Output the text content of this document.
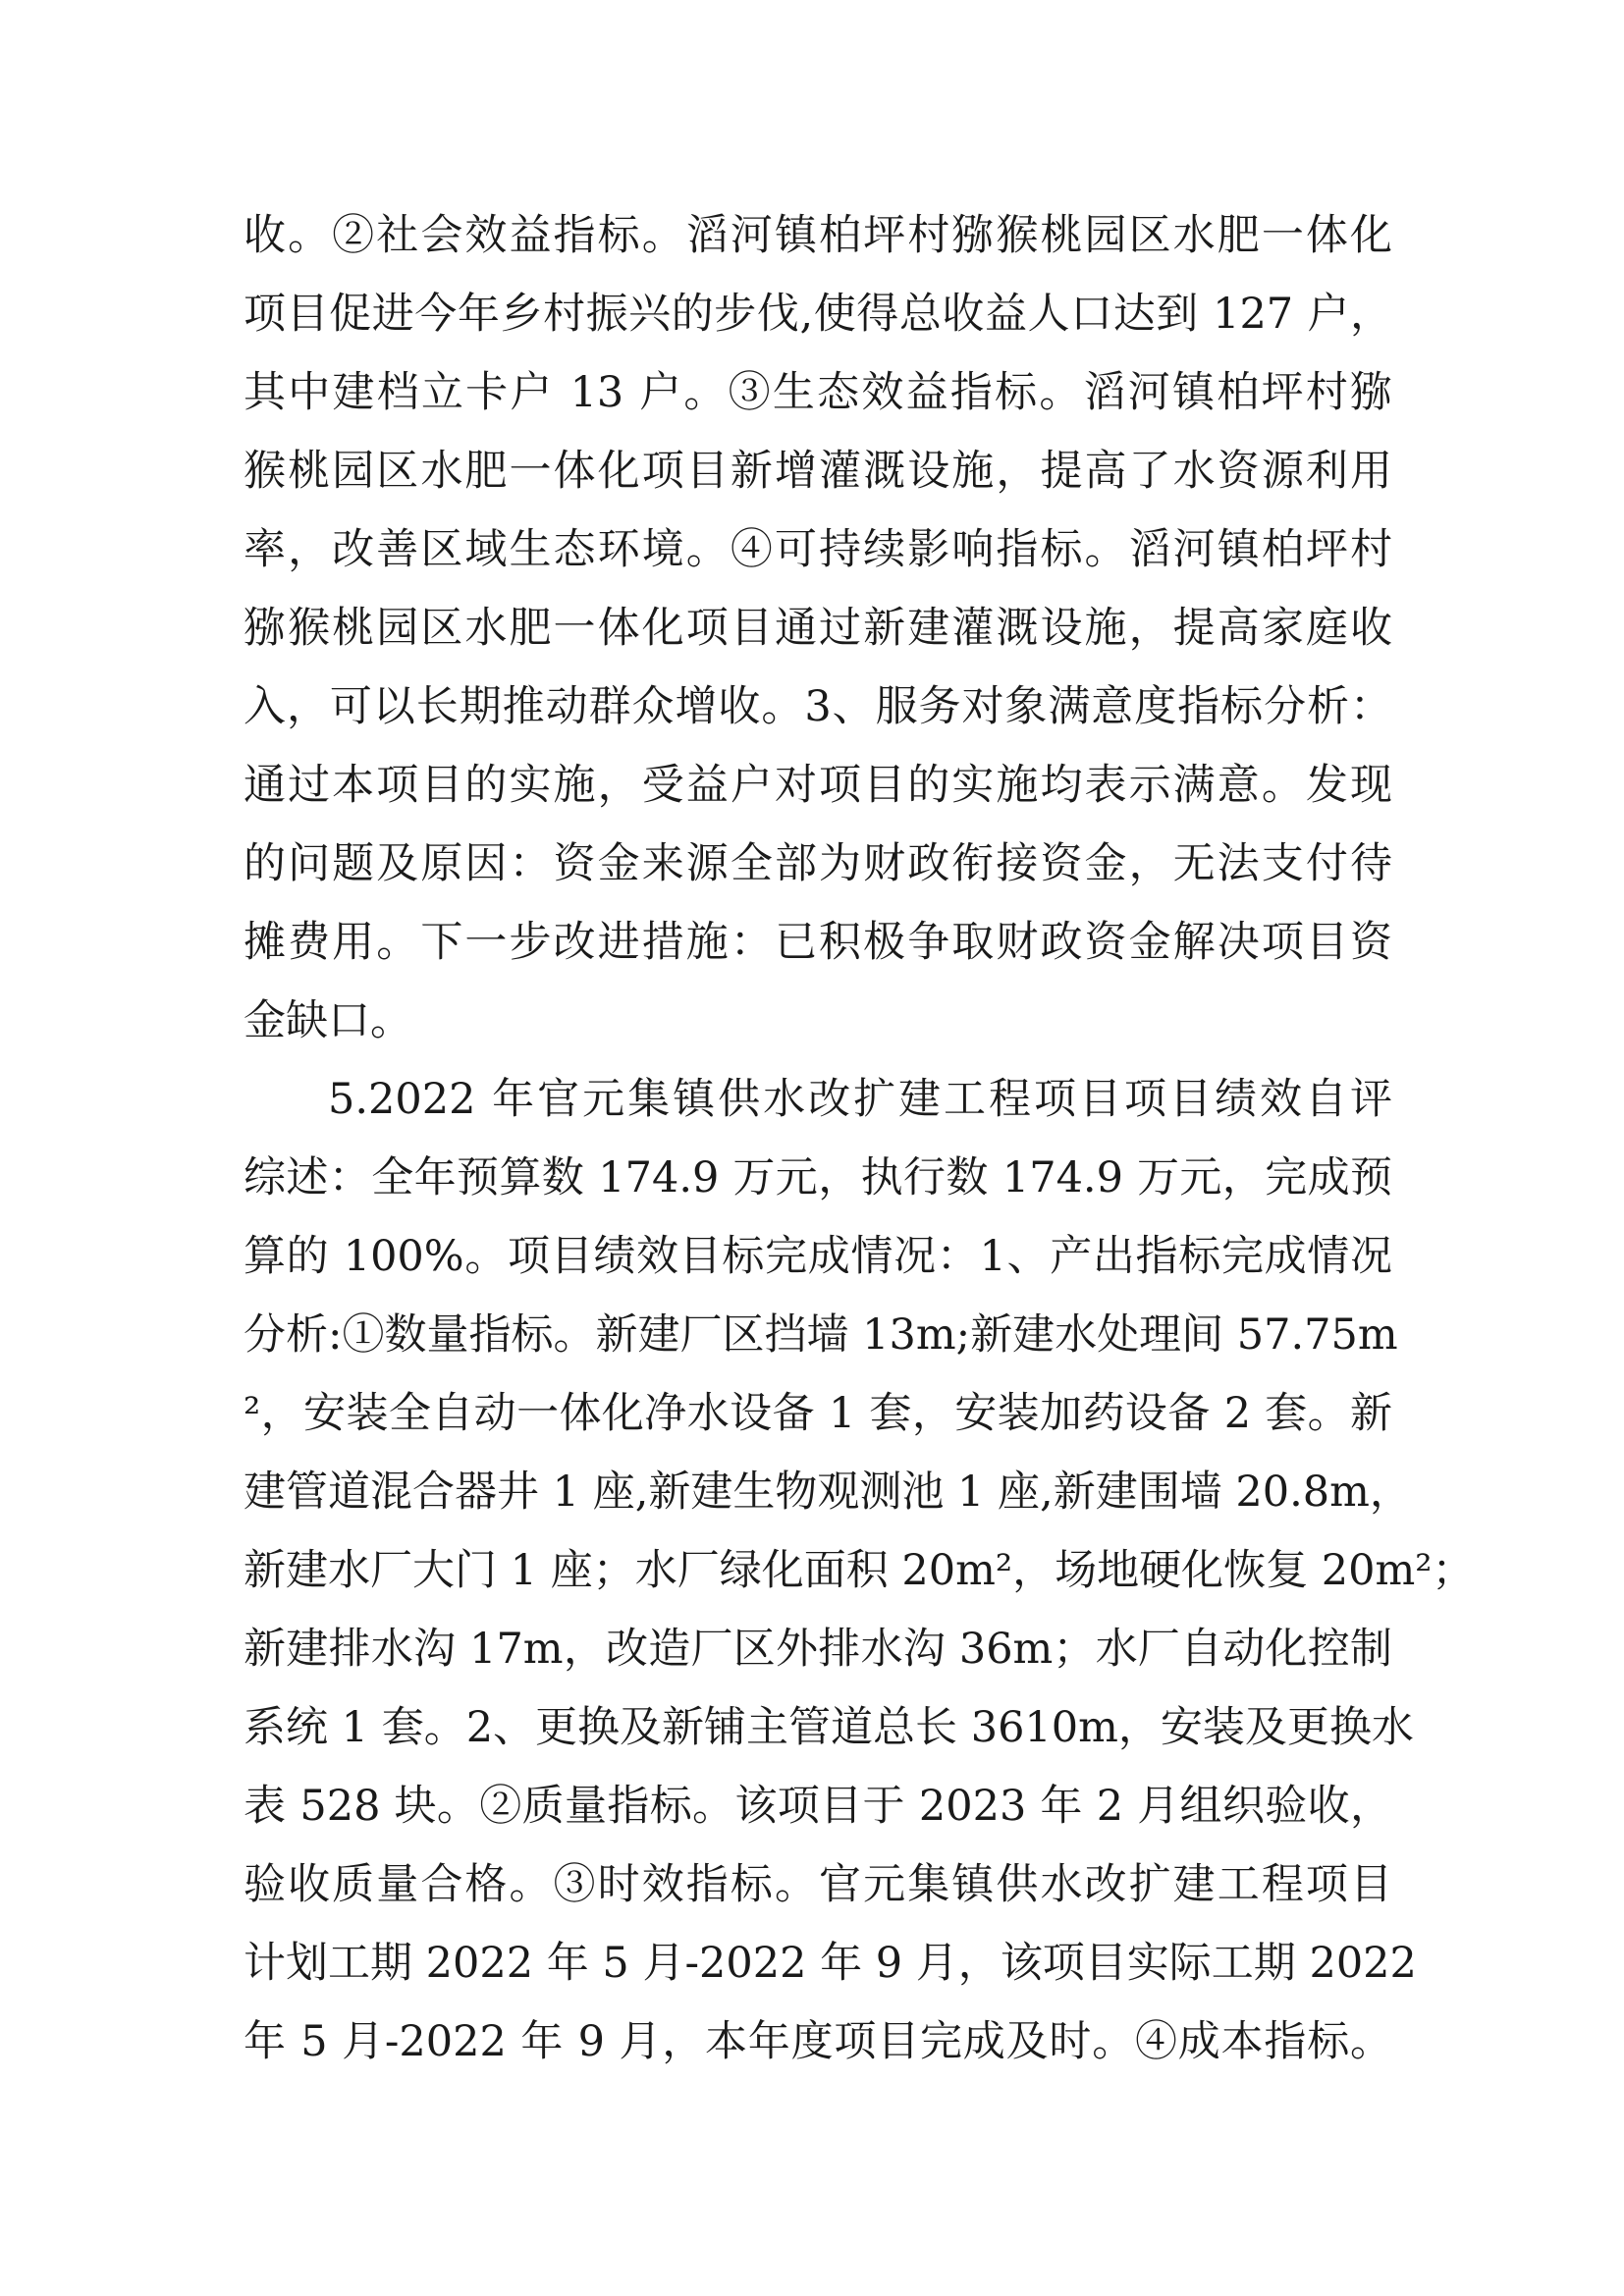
收。②社会效益指标。滔河镇柏坪村猕猴桃园区水肥一体化
项目促进今年乡村振兴的步伐,使得总收益人口达到 127 户，
其中建档立卡户 13 户。③生态效益指标。滔河镇柏坪村猕
猴桃园区水肥一体化项目新增灌溉设施，提高了水资源利用
率，改善区域生态环境。④可持续影响指标。滔河镇柏坪村
猕猴桃园区水肥一体化项目通过新建灌溉设施，提高家庭收
入，可以长期推动群众增收。3、服务对象满意度指标分析：
通过本项目的实施，受益户对项目的实施均表示满意。发现
的问题及原因：资金来源全部为财政衔接资金，无法支付待
摊费用。下一步改进措施：已积极争取财政资金解决项目资
金缺口。
5.2022 年官元集镇供水改扩建工程项目项目绩效自评
综述：全年预算数 174.9 万元，执行数 174.9 万元，完成预
算的 100%。项目绩效目标完成情况：1、产出指标完成情况
分析:①数量指标。新建厂区挡墙 13m;新建水处理间 57.75m
²，安装全自动一体化净水设备 1 套，安装加药设备 2 套。新
建管道混合器井 1 座,新建生物观测池 1 座,新建围墙 20.8m，
新建水厂大门 1 座；水厂绿化面积 20m²，场地硬化恢复 20m²；
新建排水沟 17m，改造厂区外排水沟 36m；水厂自动化控制
系统 1 套。2、更换及新铺主管道总长 3610m，安装及更换水
表 528 块。②质量指标。该项目于 2023 年 2 月组织验收，
验收质量合格。③时效指标。官元集镇供水改扩建工程项目
计划工期 2022 年 5 月-2022 年 9 月，该项目实际工期 2022
年 5 月-2022 年 9 月，本年度项目完成及时。④成本指标。
